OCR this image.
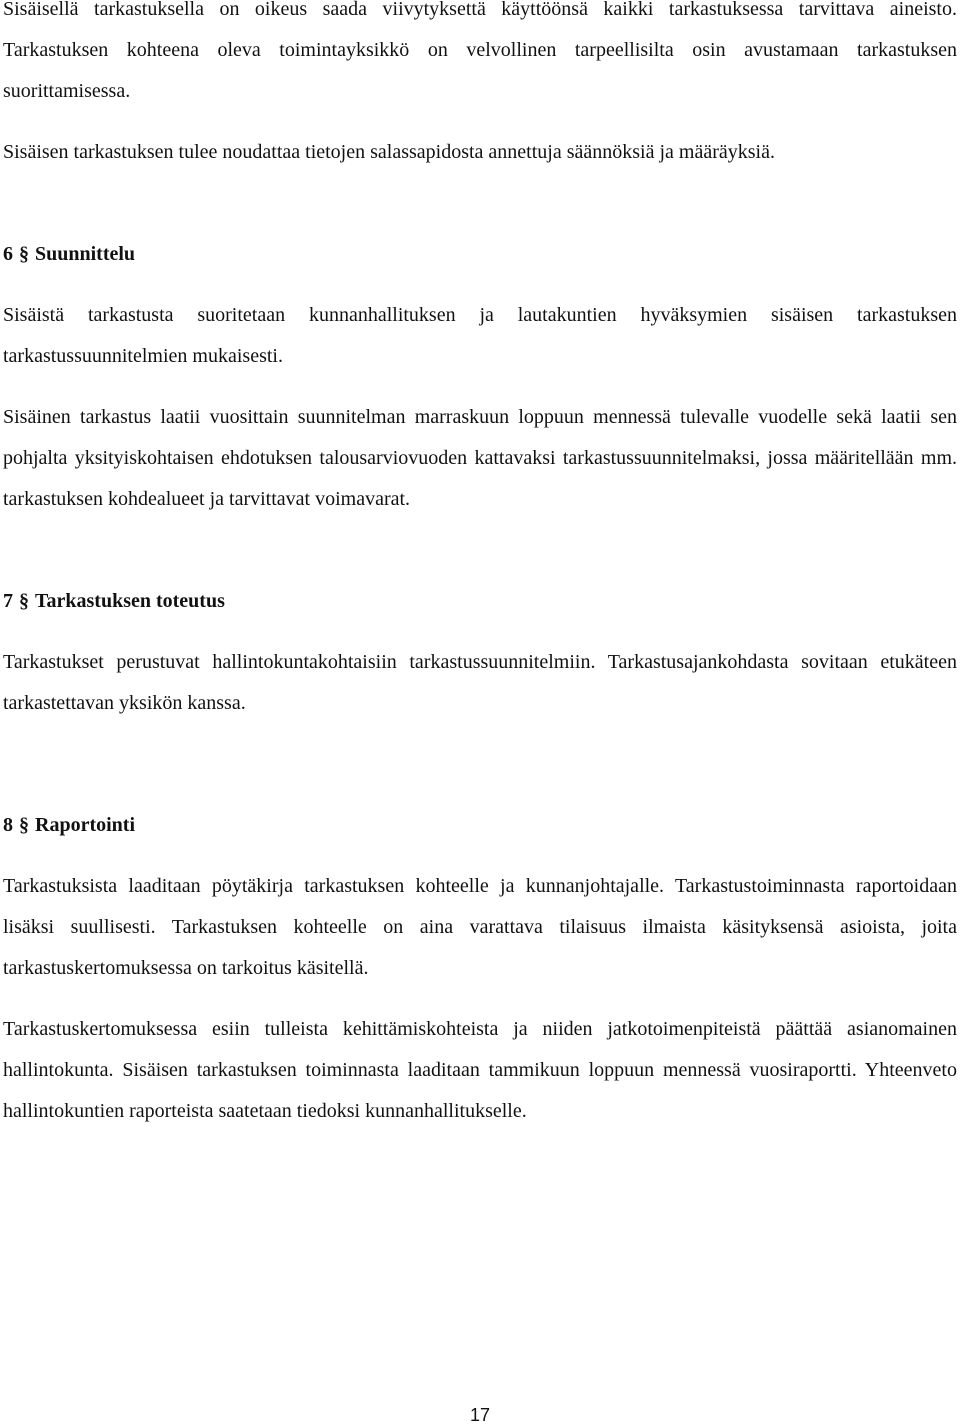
Sisäisellä tarkastuksella on oikeus saada viivytyksettä käyttöönsä kaikki tarkastuksessa tarvittava aineisto. Tarkastuksen kohteena oleva toimintayksikkö on velvollinen tarpeellisilta osin avustamaan tarkastuksen suorittamisessa.

Sisäisen tarkastuksen tulee noudattaa tietojen salassapidosta annettuja säännöksiä ja määräyksiä.

6 § Suunnittelu

Sisäistä tarkastusta suoritetaan kunnanhallituksen ja lautakuntien hyväksymien sisäisen tarkastuksen tarkastussuunnitelmien mukaisesti.

Sisäinen tarkastus laatii vuosittain suunnitelman marraskuun loppuun mennessä tulevalle vuodelle sekä laatii sen pohjalta yksityiskohtaisen ehdotuksen talousarviovuoden kattavaksi tarkastussuunnitelmaksi, jossa määritellään mm. tarkastuksen kohdealueet ja tarvittavat voimavarat.

7 § Tarkastuksen toteutus

Tarkastukset perustuvat hallintokuntakohtaisiin tarkastussuunnitelmiin. Tarkastusajankohdasta sovitaan etukäteen tarkastettavan yksikön kanssa.

8 § Raportointi

Tarkastuksista laaditaan pöytäkirja tarkastuksen kohteelle ja kunnanjohtajalle. Tarkastustoiminnasta raportoidaan lisäksi suullisesti. Tarkastuksen kohteelle on aina varattava tilaisuus ilmaista käsityksensä asioista, joita tarkastuskertomuksessa on tarkoitus käsitellä.

Tarkastuskertomuksessa esiin tulleista kehittämiskohteista ja niiden jatkotoimenpiteistä päättää asianomainen hallintokunta. Sisäisen tarkastuksen toiminnasta laaditaan tammikuun loppuun mennessä vuosiraportti. Yhteenveto hallintokuntien raporteista saatetaan tiedoksi kunnanhallitukselle.

17
